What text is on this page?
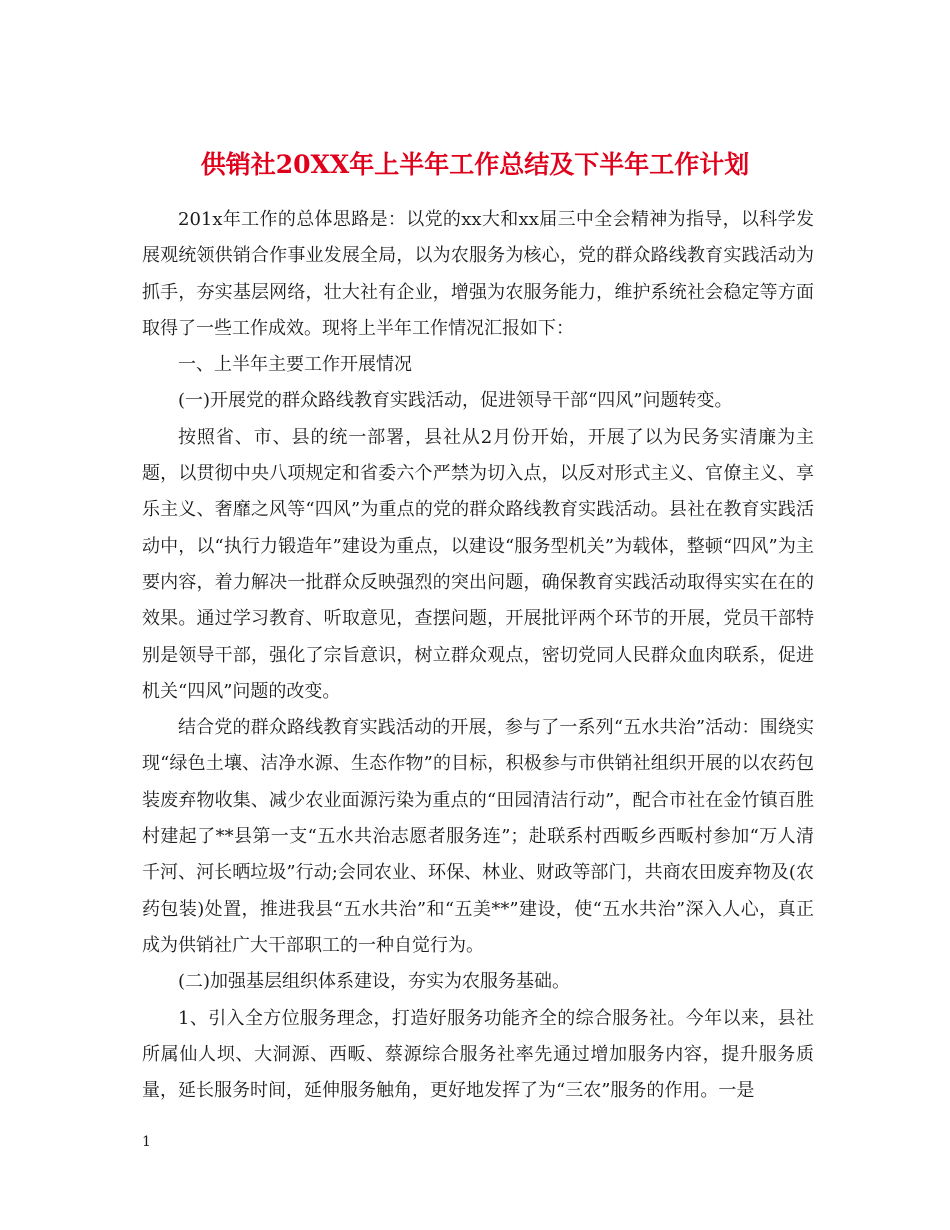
供销社20XX年上半年工作总结及下半年工作计划

201x年工作的总体思路是：以党的xx大和xx届三中全会精神为指导，以科学发展观统领供销合作事业发展全局，以为农服务为核心，党的群众路线教育实践活动为抓手，夯实基层网络，壮大社有企业，增强为农服务能力，维护系统社会稳定等方面取得了一些工作成效。现将上半年工作情况汇报如下：

一、上半年主要工作开展情况

(一)开展党的群众路线教育实践活动，促进领导干部“四风”问题转变。

按照省、市、县的统一部署，县社从2月份开始，开展了以为民务实清廉为主题，以贯彻中央八项规定和省委六个严禁为切入点，以反对形式主义、官僚主义、享乐主义、奢靡之风等“四风”为重点的党的群众路线教育实践活动。县社在教育实践活动中，以“执行力锻造年”建设为重点，以建设“服务型机关”为载体，整顿“四风”为主要内容，着力解决一批群众反映强烈的突出问题，确保教育实践活动取得实实在在的效果。通过学习教育、听取意见，查摆问题，开展批评两个环节的开展，党员干部特别是领导干部，强化了宗旨意识，树立群众观点，密切党同人民群众血肉联系，促进机关“四风”问题的改变。

结合党的群众路线教育实践活动的开展，参与了一系列“五水共治”活动：围绕实现“绿色土壤、洁净水源、生态作物”的目标，积极参与市供销社组织开展的以农药包装废弃物收集、减少农业面源污染为重点的“田园清洁行动”，配合市社在金竹镇百胜村建起了**县第一支“五水共治志愿者服务连”；赴联系村西畈乡西畈村参加“万人清千河、河长晒垃圾”行动;会同农业、环保、林业、财政等部门，共商农田废弃物及(农药包装)处置，推进我县“五水共治”和“五美**”建设，使“五水共治”深入人心，真正成为供销社广大干部职工的一种自觉行为。

(二)加强基层组织体系建设，夯实为农服务基础。

1、引入全方位服务理念，打造好服务功能齐全的综合服务社。今年以来，县社所属仙人坝、大洞源、西畈、蔡源综合服务社率先通过增加服务内容，提升服务质量，延长服务时间，延伸服务触角，更好地发挥了为“三农”服务的作用。一是

1
